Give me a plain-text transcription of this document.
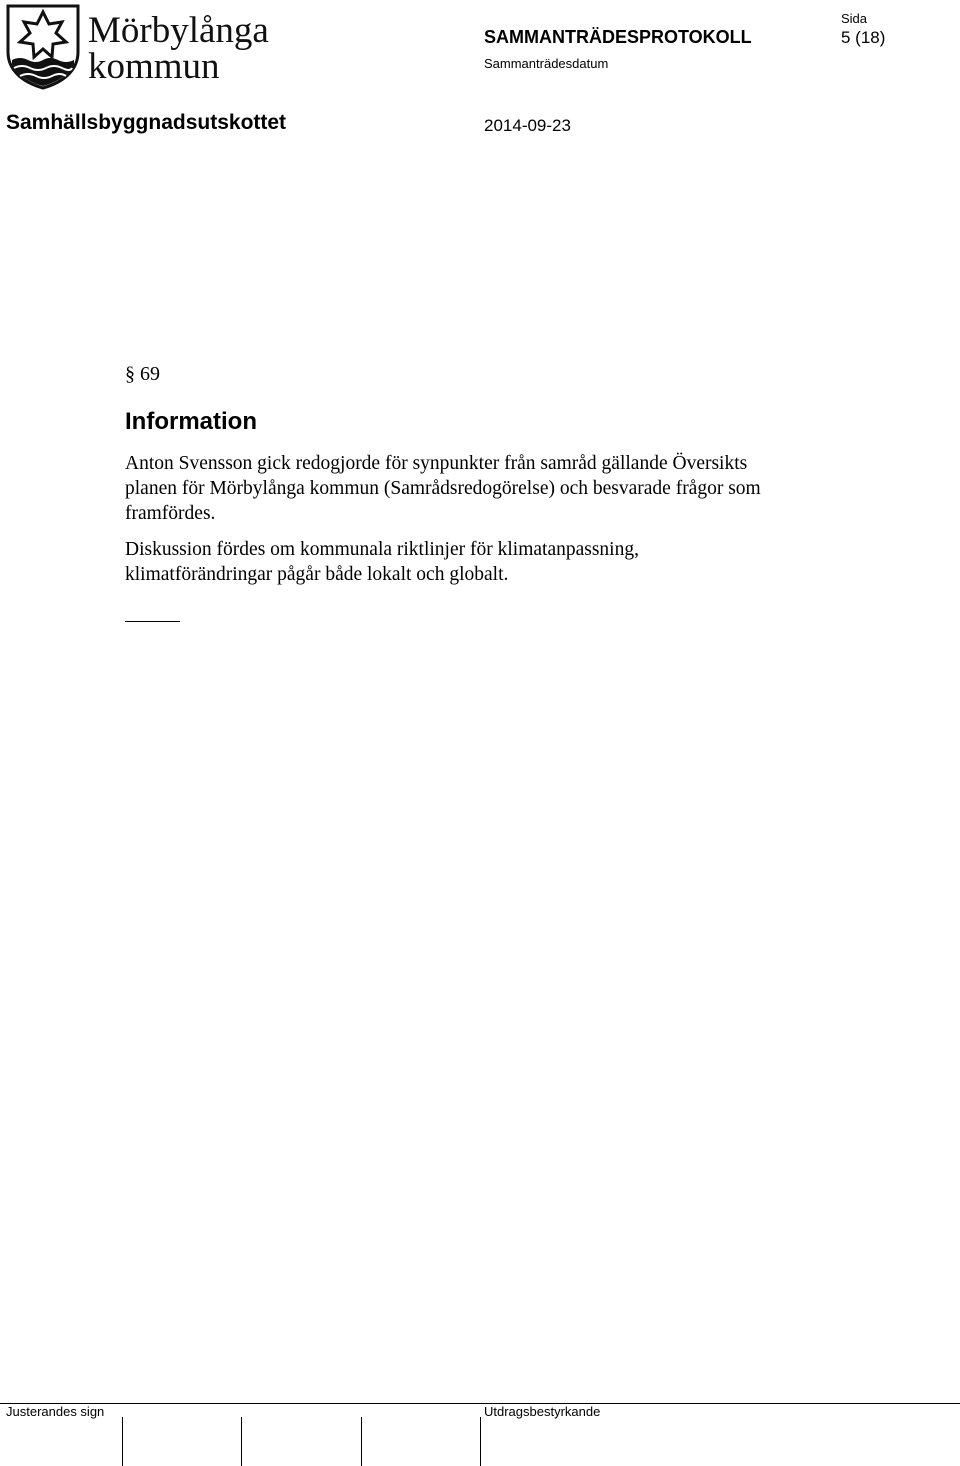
Mörbylånga
kommun
SAMMANTRÄDESPROTOKOLL
Sammanträdesdatum
Sida
5 (18)
Samhällsbyggnadsutskottet	2014-09-23
§ 69
Information

Anton Svensson gick redogjorde för synpunkter från samråd gällande Översikts planen för Mörbylånga kommun (Samrådsredogörelse) och besvarade frågor som framfördes.

Diskussion fördes om kommunala riktlinjer för klimatanpassning, klimatförändringar pågår både lokalt och globalt.

Justerandes sign	Utdragsbestyrkande
